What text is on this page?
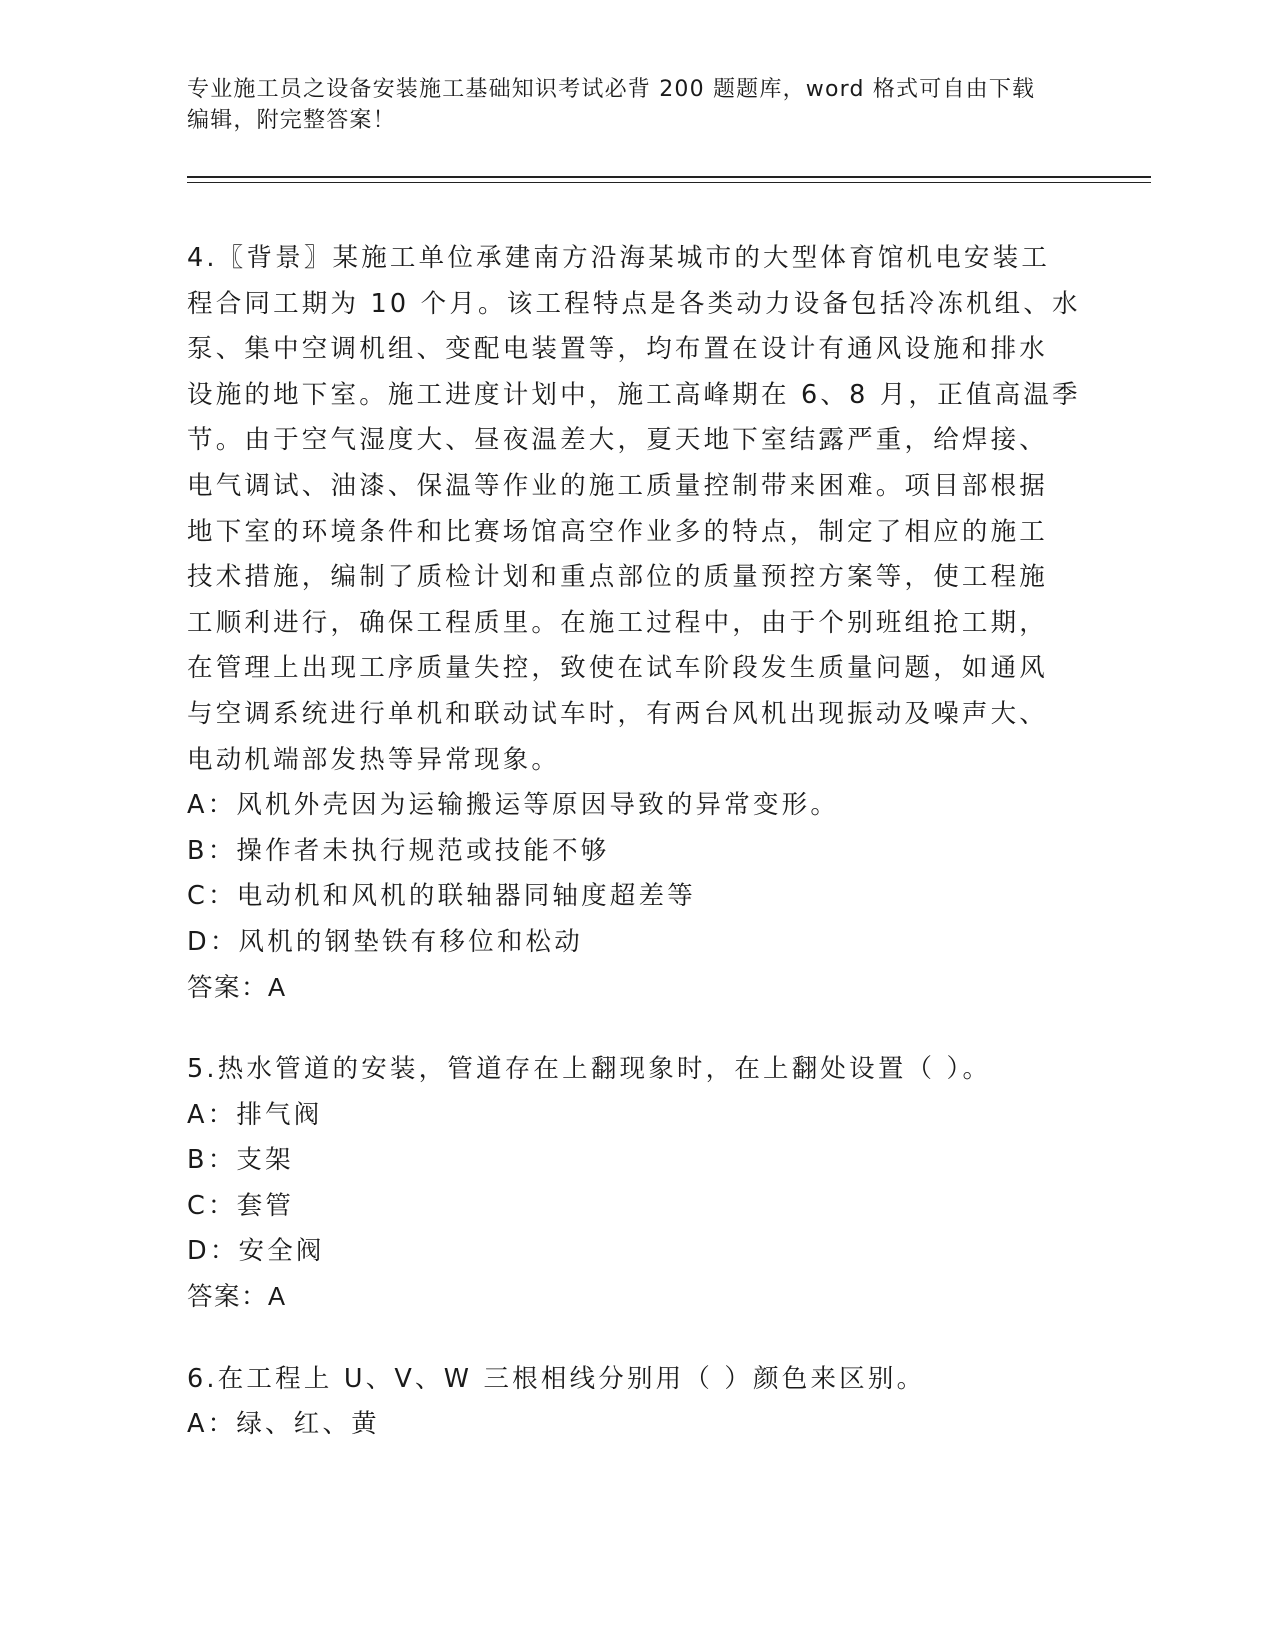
专业施工员之设备安装施工基础知识考试必背 200 题题库，word 格式可自由下载
编辑，附完整答案！

4.〖背景〗某施工单位承建南方沿海某城市的大型体育馆机电安装工

程合同工期为 10 个月。该工程特点是各类动力设备包括冷冻机组、水

泵、集中空调机组、变配电装置等，均布置在设计有通风设施和排水

设施的地下室。施工进度计划中，施工高峰期在 6、8 月，正值高温季

节。由于空气湿度大、昼夜温差大，夏天地下室结露严重，给焊接、

电气调试、油漆、保温等作业的施工质量控制带来困难。项目部根据

地下室的环境条件和比赛场馆高空作业多的特点，制定了相应的施工

技术措施，编制了质检计划和重点部位的质量预控方案等，使工程施

工顺利进行，确保工程质里。在施工过程中，由于个别班组抢工期，

在管理上出现工序质量失控，致使在试车阶段发生质量问题，如通风

与空调系统进行单机和联动试车时，有两台风机出现振动及噪声大、

电动机端部发热等异常现象。

A：风机外壳因为运输搬运等原因导致的异常变形。

B：操作者未执行规范或技能不够

C：电动机和风机的联轴器同轴度超差等

D：风机的钢垫铁有移位和松动

答案：A

5.热水管道的安装，管道存在上翻现象时，在上翻处设置（ ）。

A：排气阀

B：支架

C：套管

D：安全阀

答案：A

6.在工程上 U、V、W 三根相线分别用（ ）颜色来区别。

A：绿、红、黄
